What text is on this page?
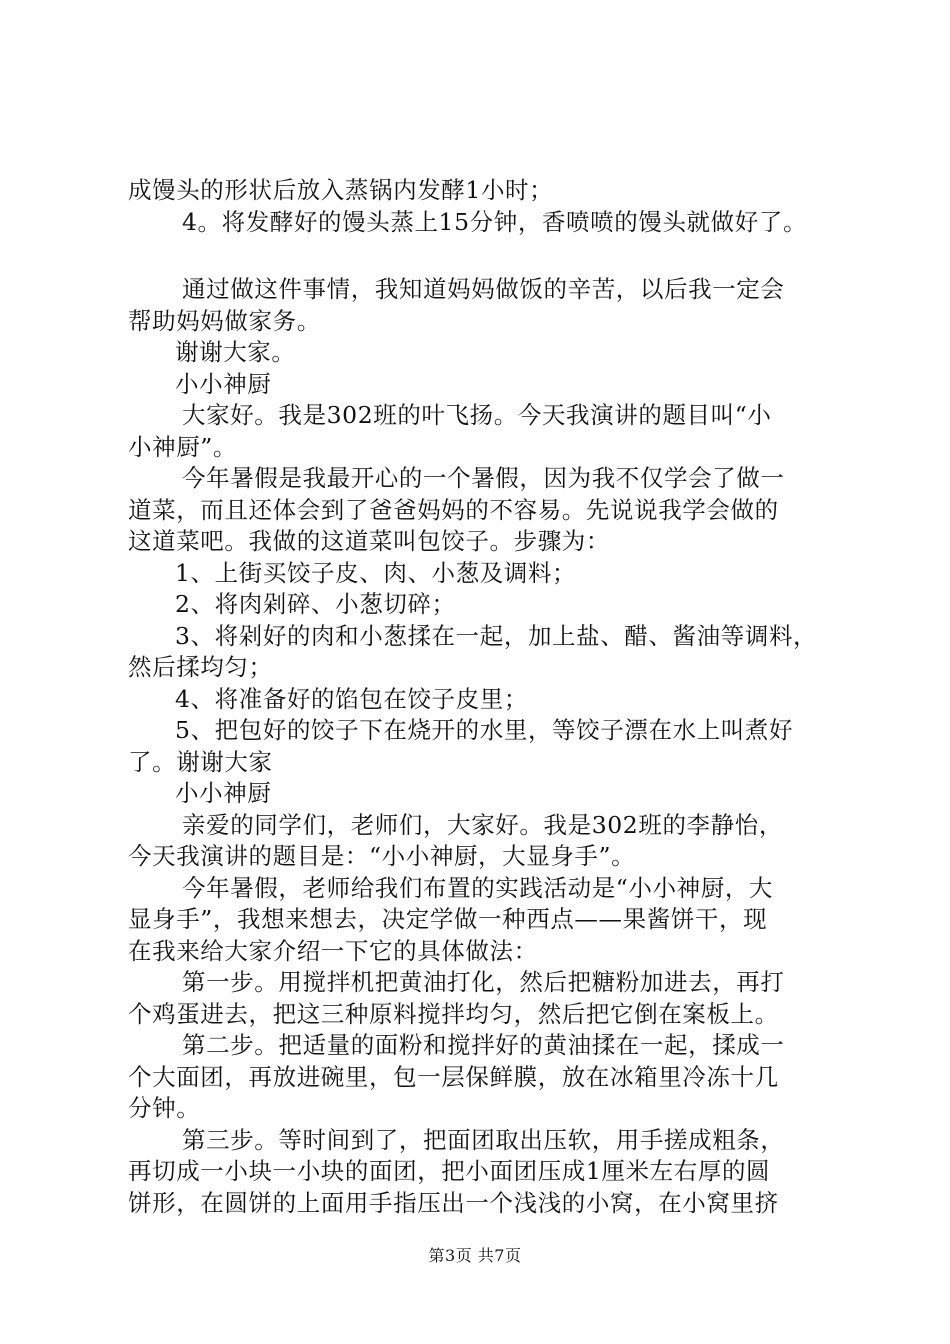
成馒头的形状后放入蒸锅内发酵1小时；
4。将发酵好的馒头蒸上15分钟，香喷喷的馒头就做好了。
通过做这件事情，我知道妈妈做饭的辛苦，以后我一定会
帮助妈妈做家务。
谢谢大家。
小小神厨
大家好。我是302班的叶飞扬。今天我演讲的题目叫“小
小神厨”。
今年暑假是我最开心的一个暑假，因为我不仅学会了做一
道菜，而且还体会到了爸爸妈妈的不容易。先说说我学会做的
这道菜吧。我做的这道菜叫包饺子。步骤为：
1、上街买饺子皮、肉、小葱及调料；
2、将肉剁碎、小葱切碎；
3、将剁好的肉和小葱揉在一起，加上盐、醋、酱油等调料，
然后揉均匀；
4、将准备好的馅包在饺子皮里；
5、把包好的饺子下在烧开的水里，等饺子漂在水上叫煮好
了。谢谢大家
小小神厨
亲爱的同学们，老师们，大家好。我是302班的李静怡，
今天我演讲的题目是：“小小神厨，大显身手”。
今年暑假，老师给我们布置的实践活动是“小小神厨，大
显身手”，我想来想去，决定学做一种西点——果酱饼干，现
在我来给大家介绍一下它的具体做法：
第一步。用搅拌机把黄油打化，然后把糖粉加进去，再打
个鸡蛋进去，把这三种原料搅拌均匀，然后把它倒在案板上。
第二步。把适量的面粉和搅拌好的黄油揉在一起，揉成一
个大面团，再放进碗里，包一层保鲜膜，放在冰箱里冷冻十几
分钟。
第三步。等时间到了，把面团取出压软，用手搓成粗条，
再切成一小块一小块的面团，把小面团压成1厘米左右厚的圆
饼形，在圆饼的上面用手指压出一个浅浅的小窝，在小窝里挤
第3页 共7页
